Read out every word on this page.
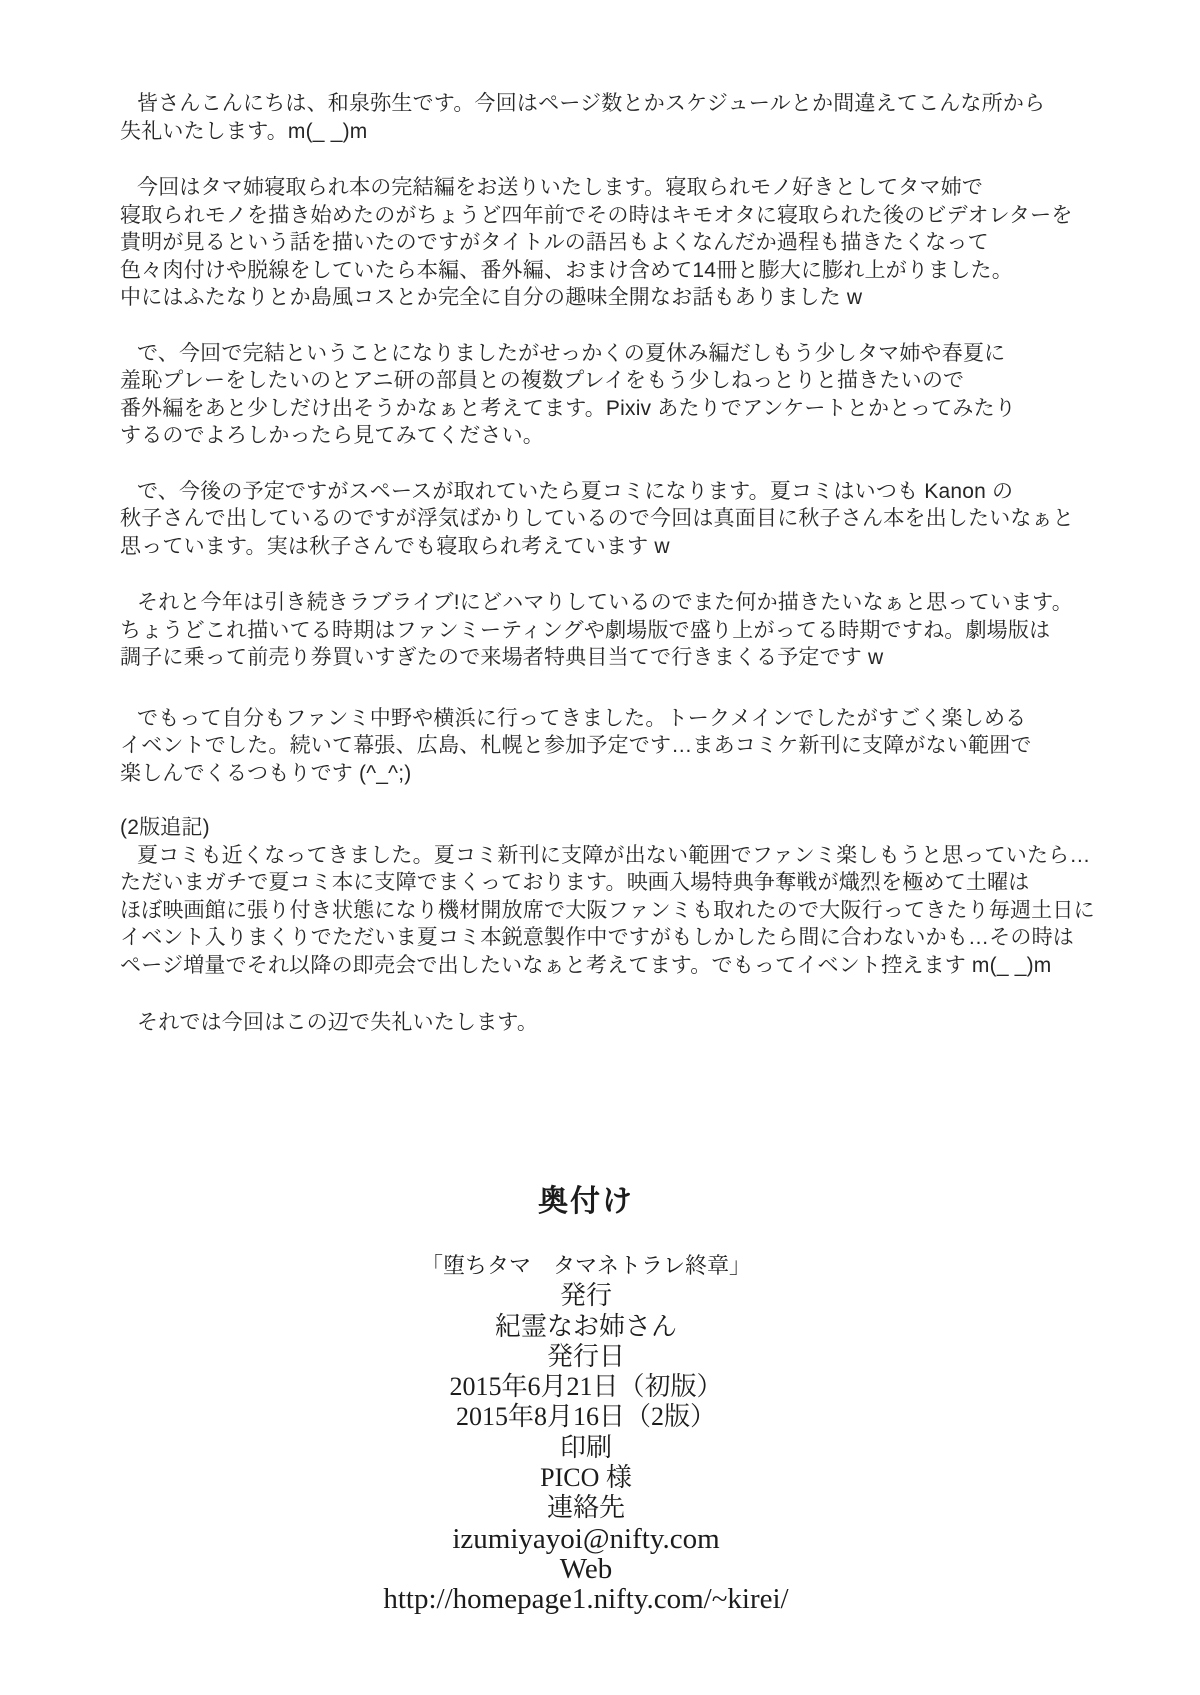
皆さんこんにちは、和泉弥生です。今回はページ数とかスケジュールとか間違えてこんな所から
失礼いたします。m(_ _)m
今回はタマ姉寝取られ本の完結編をお送りいたします。寝取られモノ好きとしてタマ姉で
寝取られモノを描き始めたのがちょうど四年前でその時はキモオタに寝取られた後のビデオレターを
貴明が見るという話を描いたのですがタイトルの語呂もよくなんだか過程も描きたくなって
色々肉付けや脱線をしていたら本編、番外編、おまけ含めて14冊と膨大に膨れ上がりました。
中にはふたなりとか島風コスとか完全に自分の趣味全開なお話もありました w
で、今回で完結ということになりましたがせっかくの夏休み編だしもう少しタマ姉や春夏に
羞恥プレーをしたいのとアニ研の部員との複数プレイをもう少しねっとりと描きたいので
番外編をあと少しだけ出そうかなぁと考えてます。Pixiv あたりでアンケートとかとってみたり
するのでよろしかったら見てみてください。
で、今後の予定ですがスペースが取れていたら夏コミになります。夏コミはいつも Kanon の
秋子さんで出しているのですが浮気ばかりしているので今回は真面目に秋子さん本を出したいなぁと
思っています。実は秋子さんでも寝取られ考えています w
それと今年は引き続きラブライブ!にどハマりしているのでまた何か描きたいなぁと思っています。
ちょうどこれ描いてる時期はファンミーティングや劇場版で盛り上がってる時期ですね。劇場版は
調子に乗って前売り券買いすぎたので来場者特典目当てで行きまくる予定です w
でもって自分もファンミ中野や横浜に行ってきました。トークメインでしたがすごく楽しめる
イベントでした。続いて幕張、広島、札幌と参加予定です…まあコミケ新刊に支障がない範囲で
楽しんでくるつもりです (^_^;)
(2版追記)
夏コミも近くなってきました。夏コミ新刊に支障が出ない範囲でファンミ楽しもうと思っていたら…
ただいまガチで夏コミ本に支障でまくっております。映画入場特典争奪戦が熾烈を極めて土曜は
ほぼ映画館に張り付き状態になり機材開放席で大阪ファンミも取れたので大阪行ってきたり毎週土日に
イベント入りまくりでただいま夏コミ本鋭意製作中ですがもしかしたら間に合わないかも…その時は
ページ増量でそれ以降の即売会で出したいなぁと考えてます。でもってイベント控えます m(_ _)m
それでは今回はこの辺で失礼いたします。
奥付け
「堕ちタマ　タマネトラレ終章」
発行
紀霊なお姉さん
発行日
2015年6月21日（初版）
2015年8月16日（2版）
印刷
PICO 様
連絡先
izumiyayoi@nifty.com
Web
http://homepage1.nifty.com/~kirei/
